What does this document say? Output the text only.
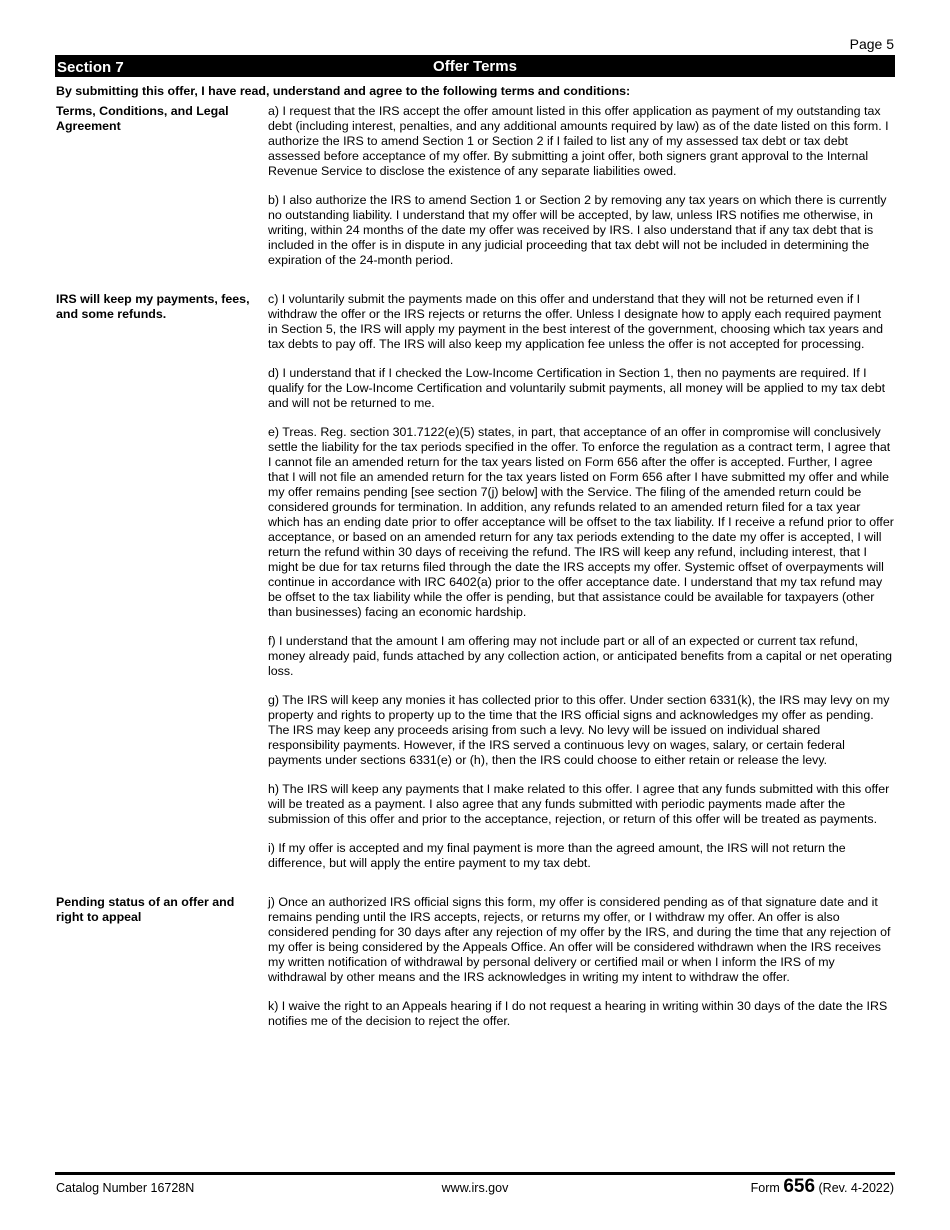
Page 5
Section 7	Offer Terms
By submitting this offer, I have read, understand and agree to the following terms and conditions:
Terms, Conditions, and Legal Agreement

a) I request that the IRS accept the offer amount listed in this offer application as payment of my outstanding tax debt (including interest, penalties, and any additional amounts required by law) as of the date listed on this form. I authorize the IRS to amend Section 1 or Section 2 if I failed to list any of my assessed tax debt or tax debt assessed before acceptance of my offer. By submitting a joint offer, both signers grant approval to the Internal Revenue Service to disclose the existence of any separate liabilities owed.

b) I also authorize the IRS to amend Section 1 or Section 2 by removing any tax years on which there is currently no outstanding liability. I understand that my offer will be accepted, by law, unless IRS notifies me otherwise, in writing, within 24 months of the date my offer was received by IRS. I also understand that if any tax debt that is included in the offer is in dispute in any judicial proceeding that tax debt will not be included in determining the expiration of the 24-month period.

IRS will keep my payments, fees, and some refunds.

c) I voluntarily submit the payments made on this offer and understand that they will not be returned even if I withdraw the offer or the IRS rejects or returns the offer. Unless I designate how to apply each required payment in Section 5, the IRS will apply my payment in the best interest of the government, choosing which tax years and tax debts to pay off. The IRS will also keep my application fee unless the offer is not accepted for processing.

d) I understand that if I checked the Low-Income Certification in Section 1, then no payments are required. If I qualify for the Low-Income Certification and voluntarily submit payments, all money will be applied to my tax debt and will not be returned to me.

e) Treas. Reg. section 301.7122(e)(5) states, in part, that acceptance of an offer in compromise will conclusively settle the liability for the tax periods specified in the offer. To enforce the regulation as a contract term, I agree that I cannot file an amended return for the tax years listed on Form 656 after the offer is accepted. Further, I agree that I will not file an amended return for the tax years listed on Form 656 after I have submitted my offer and while my offer remains pending [see section 7(j) below] with the Service. The filing of the amended return could be considered grounds for termination. In addition, any refunds related to an amended return filed for a tax year which has an ending date prior to offer acceptance will be offset to the tax liability. If I receive a refund prior to offer acceptance, or based on an amended return for any tax periods extending to the date my offer is accepted, I will return the refund within 30 days of receiving the refund. The IRS will keep any refund, including interest, that I might be due for tax returns filed through the date the IRS accepts my offer. Systemic offset of overpayments will continue in accordance with IRC 6402(a) prior to the offer acceptance date. I understand that my tax refund may be offset to the tax liability while the offer is pending, but that assistance could be available for taxpayers (other than businesses) facing an economic hardship.

f) I understand that the amount I am offering may not include part or all of an expected or current tax refund, money already paid, funds attached by any collection action, or anticipated benefits from a capital or net operating loss.

g) The IRS will keep any monies it has collected prior to this offer. Under section 6331(k), the IRS may levy on my property and rights to property up to the time that the IRS official signs and acknowledges my offer as pending. The IRS may keep any proceeds arising from such a levy. No levy will be issued on individual shared responsibility payments. However, if the IRS served a continuous levy on wages, salary, or certain federal payments under sections 6331(e) or (h), then the IRS could choose to either retain or release the levy.

h) The IRS will keep any payments that I make related to this offer. I agree that any funds submitted with this offer will be treated as a payment. I also agree that any funds submitted with periodic payments made after the submission of this offer and prior to the acceptance, rejection, or return of this offer will be treated as payments.

i) If my offer is accepted and my final payment is more than the agreed amount, the IRS will not return the difference, but will apply the entire payment to my tax debt.

Pending status of an offer and right to appeal

j) Once an authorized IRS official signs this form, my offer is considered pending as of that signature date and it remains pending until the IRS accepts, rejects, or returns my offer, or I withdraw my offer. An offer is also considered pending for 30 days after any rejection of my offer by the IRS, and during the time that any rejection of my offer is being considered by the Appeals Office. An offer will be considered withdrawn when the IRS receives my written notification of withdrawal by personal delivery or certified mail or when I inform the IRS of my withdrawal by other means and the IRS acknowledges in writing my intent to withdraw the offer.

k) I waive the right to an Appeals hearing if I do not request a hearing in writing within 30 days of the date the IRS notifies me of the decision to reject the offer.

Catalog Number 16728N	www.irs.gov	Form 656 (Rev. 4-2022)
